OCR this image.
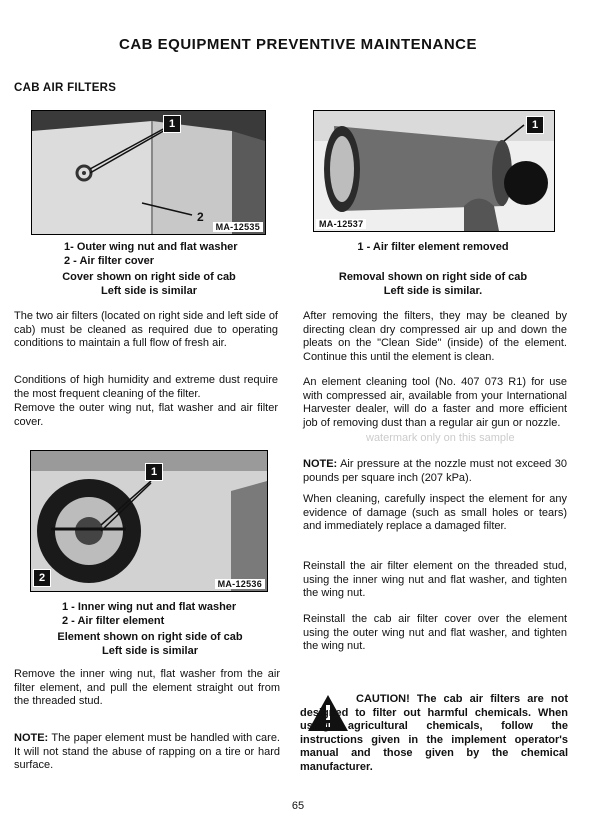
CAB EQUIPMENT PREVENTIVE MAINTENANCE
CAB AIR FILTERS
2
1
MA-12535
1- Outer wing nut and flat washer
2 - Air filter cover
Cover shown on right side of cab
Left side is similar
1
MA-12537
1 - Air filter element removed
Removal shown on right side of cab
Left side is similar.
The two air filters (located on right side and left side of cab) must be cleaned as required due to operating conditions to maintain a full flow of fresh air.
Conditions of high humidity and extreme dust require the most frequent cleaning of the filter.
Remove the outer wing nut, flat washer and air filter cover.
1
2	MA-12536
1 - Inner wing nut and flat washer
2 - Air filter element
Element shown on right side of cab
Left side is similar
Remove the inner wing nut, flat washer from the air filter element, and pull the element straight out from the threaded stud.
NOTE: The paper element must be handled with care. It will not stand the abuse of rapping on a tire or hard surface.
After removing the filters, they may be cleaned by directing clean dry compressed air up and down the pleats on the "Clean Side" (inside) of the element. Continue this until the element is clean.
An element cleaning tool (No. 407 073 R1) for use with compressed air, available from your International Harvester dealer, will do a faster and more efficient job of removing dust than a regular air gun or nozzle.
watermark only on this sample
NOTE: Air pressure at the nozzle must not exceed 30 pounds per square inch (207 kPa).
When cleaning, carefully inspect the element for any evidence of damage (such as small holes or tears) and immediately replace a damaged filter.
Reinstall the air filter element on the threaded stud, using the inner wing nut and flat washer, and tighten the wing nut.
Reinstall the cab air filter cover over the element using the outer wing nut and flat washer, and tighten the wing nut.
CAUTION! The cab air filters are not designed to filter out harmful chemicals. When using agricultural chemicals, follow the instructions given in the implement operator's manual and those given by the chemical manufacturer.
65
